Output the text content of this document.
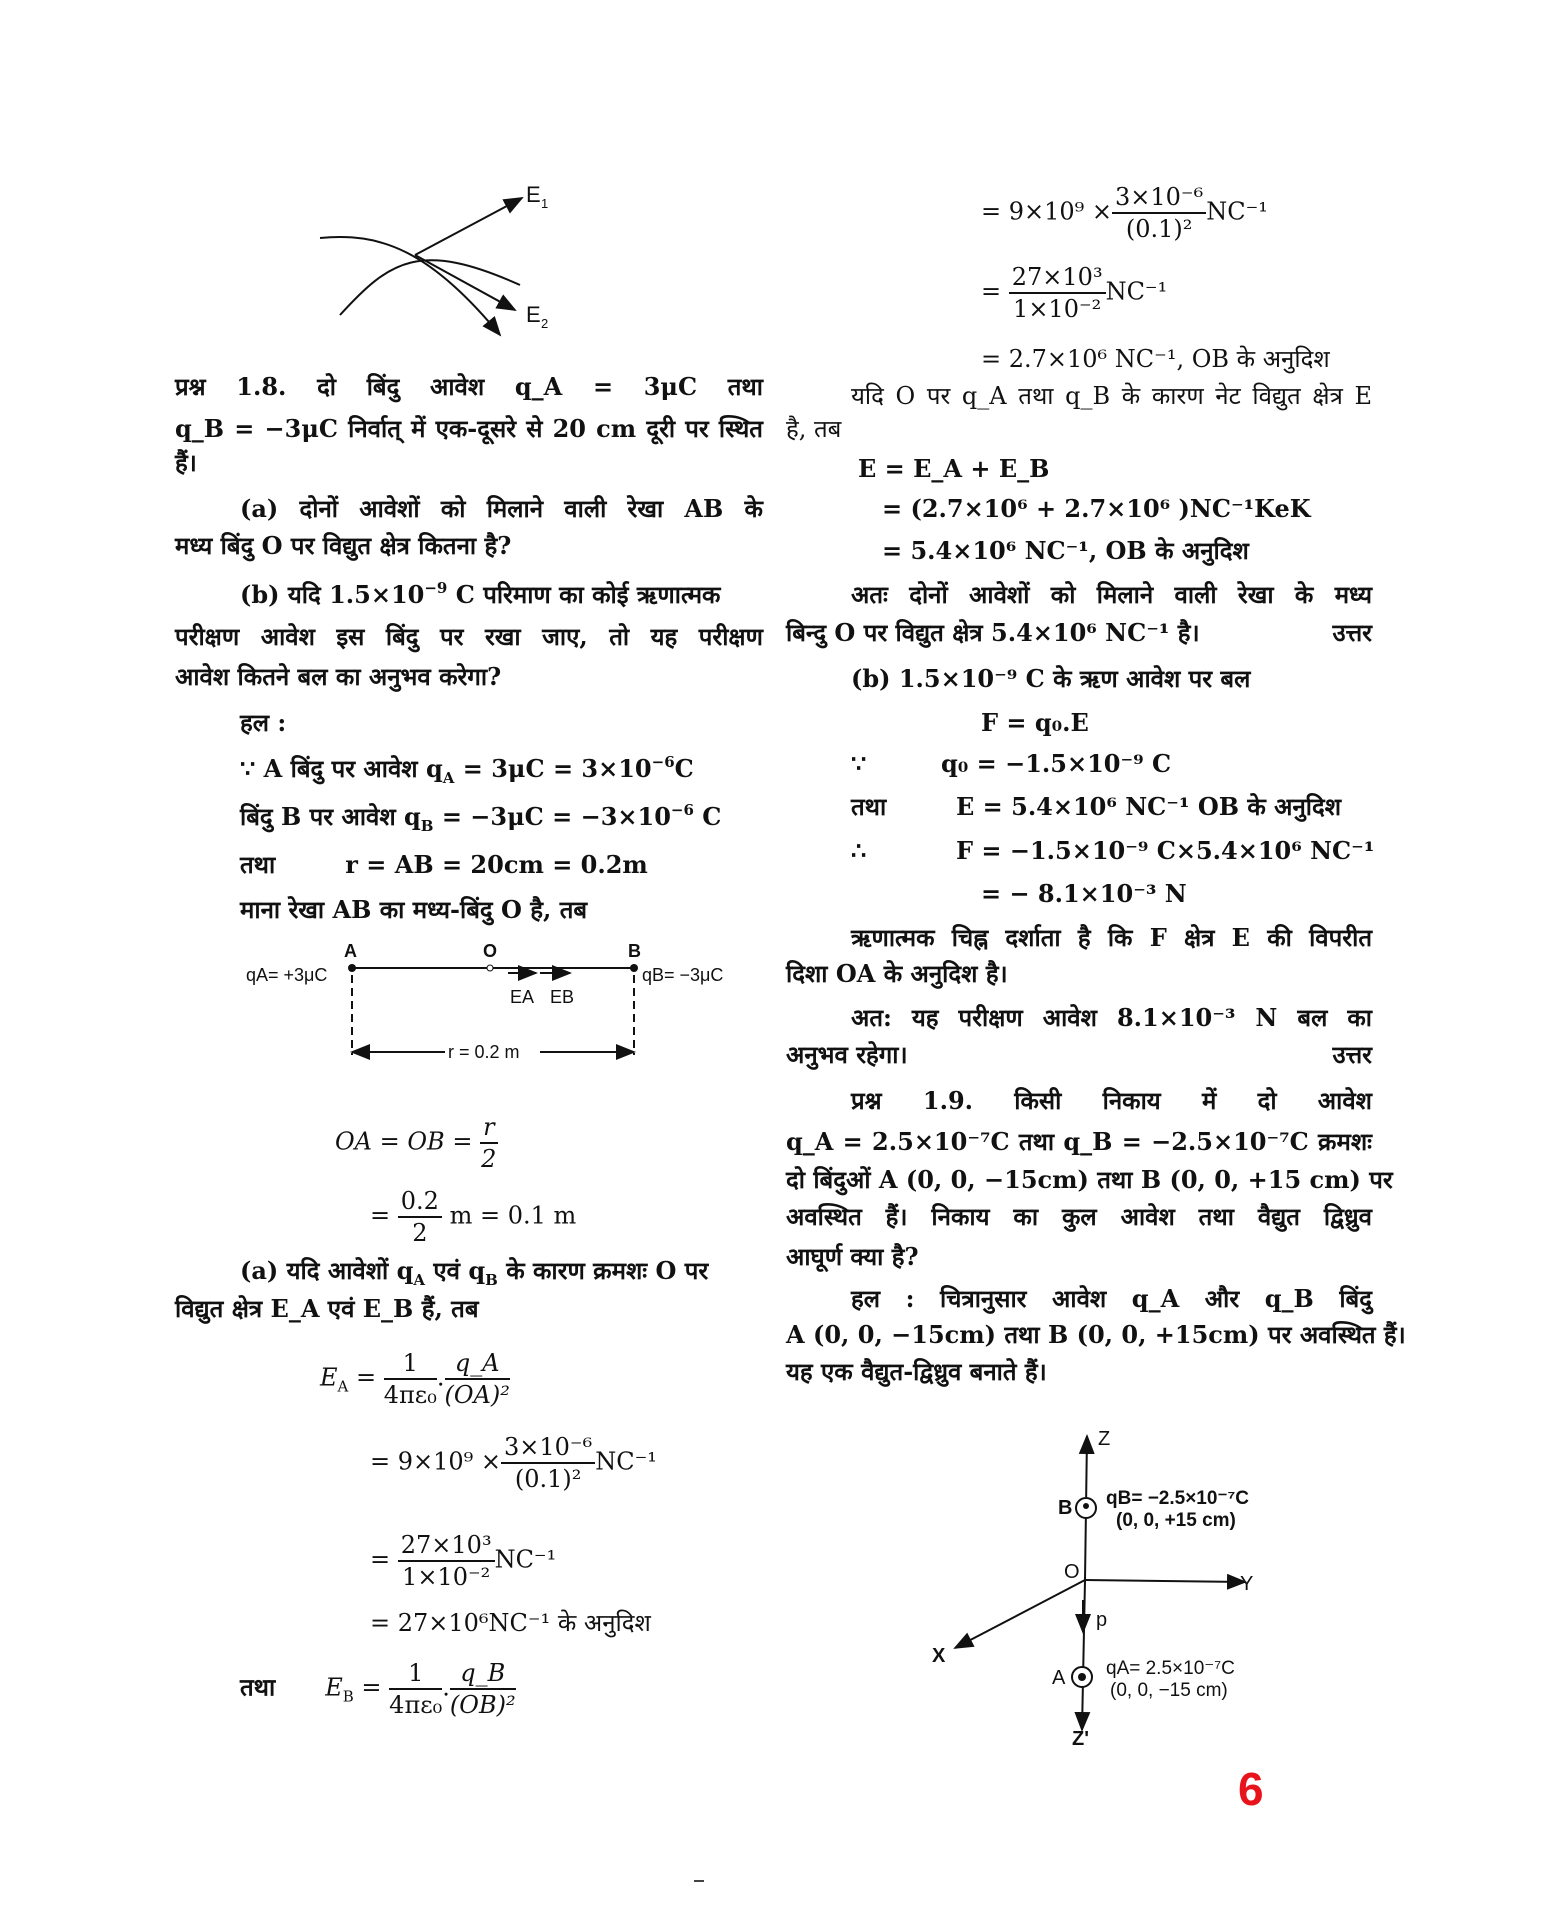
E 1
E 2
प्रश्न 1.8. दो बिंदु आवेश q_A = 3μC तथा
q_B = −3μC निर्वात् में एक-दूसरे से 20 cm दूरी पर स्थित
हैं।
(a) दोनों आवेशों को मिलाने वाली रेखा AB के
मध्य बिंदु O पर विद्युत क्षेत्र कितना है?
(b) यदि $1.5\times 10^{-9}$ C परिमाण का कोई ऋणात्मक
परीक्षण आवेश इस बिंदु पर रखा जाए, तो यह परीक्षण
आवेश कितने बल का अनुभव करेगा?
हल :
∵ A बिंदु पर आवेश $q_A = 3\mu C = 3\times 10^{-6}C$
बिंदु B पर आवेश $q_B = -3\mu C = -3\times 10^{-6}$ C
तथा	r = AB = 20cm = 0.2m
माना रेखा AB का मध्य-बिंदु O है, तब
A	O	B
qA= +3μC	qB= −3μC
EA EB
r = 0.2 m
OA = OB = $\frac{r}{2}$
= $\frac{0.2}{2}$ m = 0.1 m
(a) यदि आवेशों $q_A$ एवं $q_B$ के कारण क्रमशः O पर
विद्युत क्षेत्र E_A एवं E_B हैं, तब
$E_A = \frac{1}{\text{4πε₀}}$ . $\frac{q\_A}{\text{(OA)²}}$
= $9\times 10^9 \times \frac{\text{3×10⁻⁶}}{\text{(0.1)²}} NC^{-1}$
= $\frac{\text{27×10³}}{\text{1×10⁻²}} NC^{-1}$
= 27×10⁶NC⁻¹ के अनुदिश
तथा $E_B = \frac{1}{\text{4πε₀}}$ . $\frac{q\_B}{\text{(OB)²}}$
= $9\times 10^9 \times \frac{\text{3×10⁻⁶}}{\text{(0.1)²}} NC^{-1}$
= $\frac{\text{27×10³}}{\text{1×10⁻²}} NC^{-1}$
= 2.7×10⁶ NC⁻¹, OB के अनुदिश
यदि O पर q_A तथा q_B के कारण नेट विद्युत क्षेत्र E
है, तब
E = E_A + E_B
= (2.7×10⁶ + 2.7×10⁶ )NC⁻¹KeK
= 5.4×10⁶ NC⁻¹, OB के अनुदिश
अतः दोनों आवेशों को मिलाने वाली रेखा के मध्य
बिन्दु O पर विद्युत क्षेत्र 5.4×10⁶ NC⁻¹ है।	उत्तर
(b) 1.5×10⁻⁹ C के ऋण आवेश पर बल
F = q₀.E
∵	q₀ = −1.5×10⁻⁹ C
तथा	E = 5.4×10⁶ NC⁻¹ OB के अनुदिश
∴	F = −1.5×10⁻⁹ C×5.4×10⁶ NC⁻¹
= − 8.1×10⁻³ N
ऋणात्मक चिह्न दर्शाता है कि F क्षेत्र E की विपरीत
दिशा OA के अनुदिश है।
अत: यह परीक्षण आवेश 8.1×10⁻³ N बल का
अनुभव रहेगा।	उत्तर
प्रश्न 1.9. किसी निकाय में दो आवेश
q_A = 2.5×10⁻⁷C तथा q_B = −2.5×10⁻⁷C क्रमशः
दो बिंदुओं A (0, 0, −15cm) तथा B (0, 0, +15 cm) पर
अवस्थित हैं। निकाय का कुल आवेश तथा वैद्युत द्विध्रुव
आघूर्ण क्या है?
हल : चित्रानुसार आवेश q_A और q_B बिंदु
A (0, 0, −15cm) तथा B (0, 0, +15cm) पर अवस्थित हैं।
यह एक वैद्युत-द्विध्रुव बनाते हैं।
Z
Z'
Y
X
O
B
A
p
qB= −2.5×10⁻⁷C
(0, 0, +15 cm)
qA= 2.5×10⁻⁷C
(0, 0, −15 cm)
6
